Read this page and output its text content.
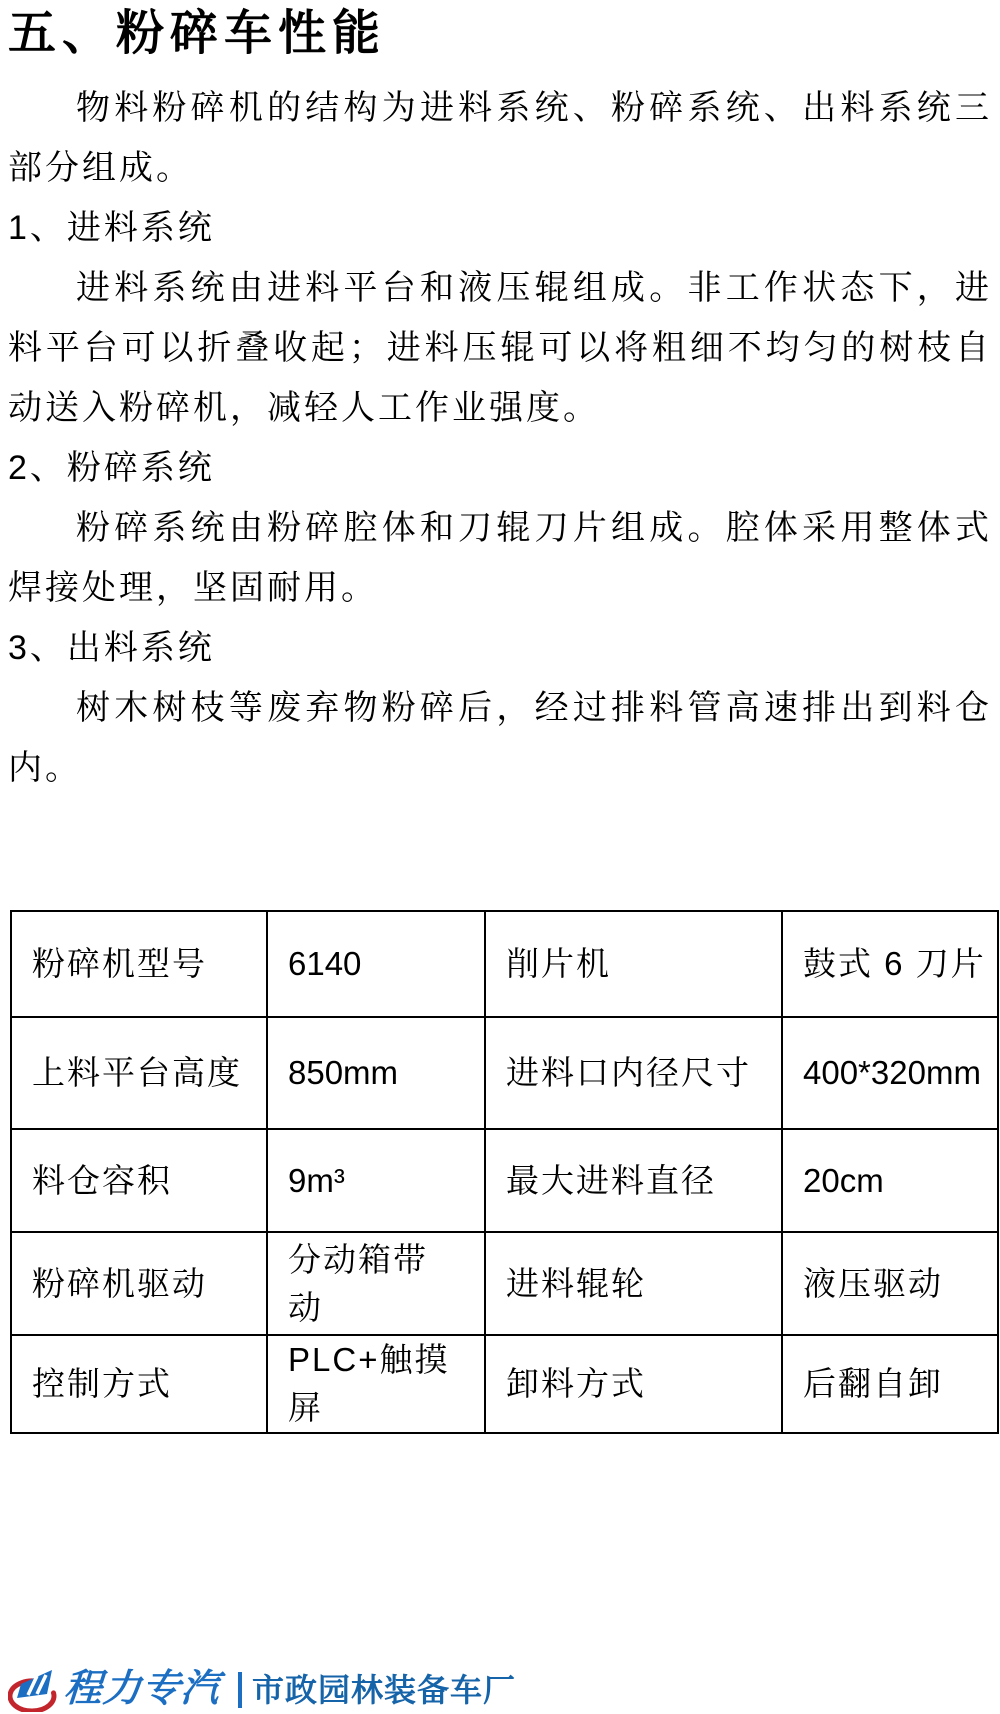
五、粉碎车性能

物料粉碎机的结构为进料系统、粉碎系统、出料系统三部分组成。

1、进料系统

进料系统由进料平台和液压辊组成。非工作状态下，进料平台可以折叠收起；进料压辊可以将粗细不均匀的树枝自动送入粉碎机，减轻人工作业强度。

2、粉碎系统

粉碎系统由粉碎腔体和刀辊刀片组成。腔体采用整体式焊接处理，坚固耐用。

3、出料系统

树木树枝等废弃物粉碎后，经过排料管高速排出到料仓内。

粉碎机型号	6140	削片机	鼓式 6 刀片
上料平台高度	850mm	进料口内径尺寸	400*320mm
料仓容积	9m³	最大进料直径	20cm
粉碎机驱动	分动箱带动	进料辊轮	液压驱动
控制方式	PLC+触摸屏	卸料方式	后翻自卸
程力专汽 市政园林装备车厂
